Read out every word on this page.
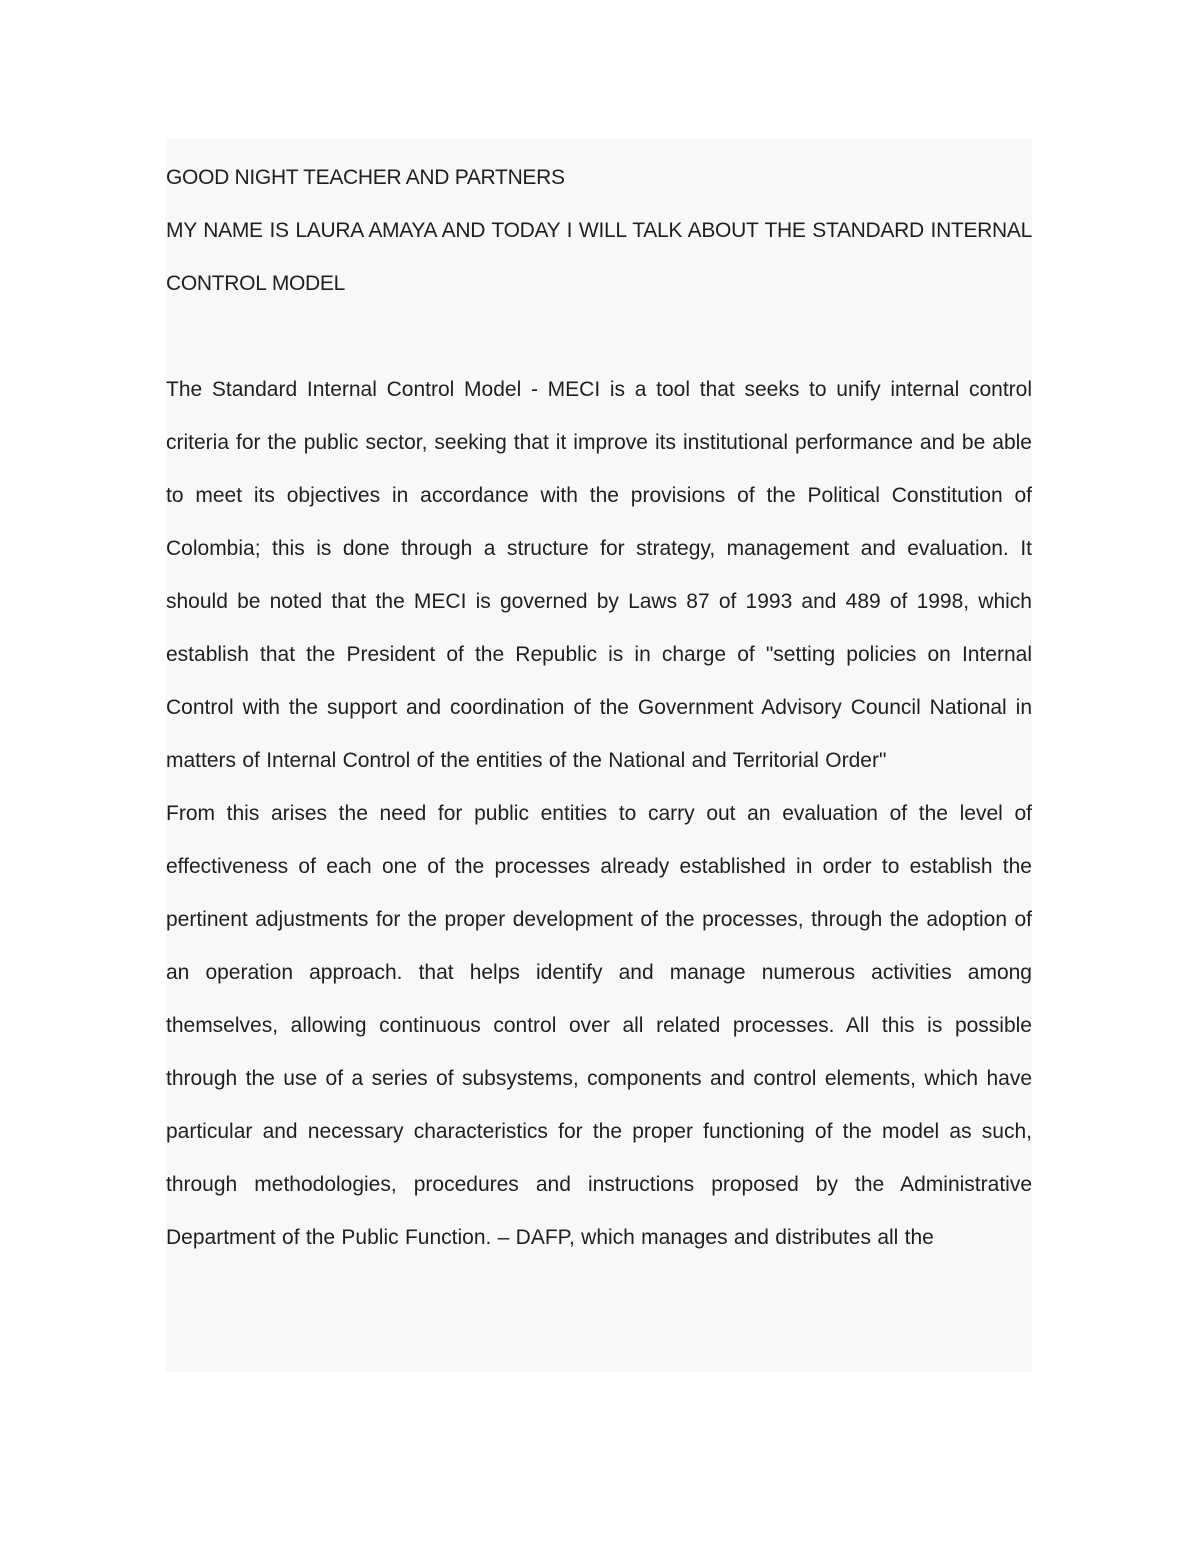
GOOD NIGHT TEACHER AND PARTNERS

MY NAME IS LAURA AMAYA AND TODAY I WILL TALK ABOUT THE STANDARD INTERNAL CONTROL MODEL

The Standard Internal Control Model - MECI is a tool that seeks to unify internal control criteria for the public sector, seeking that it improve its institutional performance and be able to meet its objectives in accordance with the provisions of the Political Constitution of Colombia; this is done through a structure for strategy, management and evaluation. It should be noted that the MECI is governed by Laws 87 of 1993 and 489 of 1998, which establish that the President of the Republic is in charge of "setting policies on Internal Control with the support and coordination of the Government Advisory Council National in matters of Internal Control of the entities of the National and Territorial Order"

From this arises the need for public entities to carry out an evaluation of the level of effectiveness of each one of the processes already established in order to establish the pertinent adjustments for the proper development of the processes, through the adoption of an operation approach. that helps identify and manage numerous activities among themselves, allowing continuous control over all related processes. All this is possible through the use of a series of subsystems, components and control elements, which have particular and necessary characteristics for the proper functioning of the model as such, through methodologies, procedures and instructions proposed by the Administrative Department of the Public Function. – DAFP, which manages and distributes all the
